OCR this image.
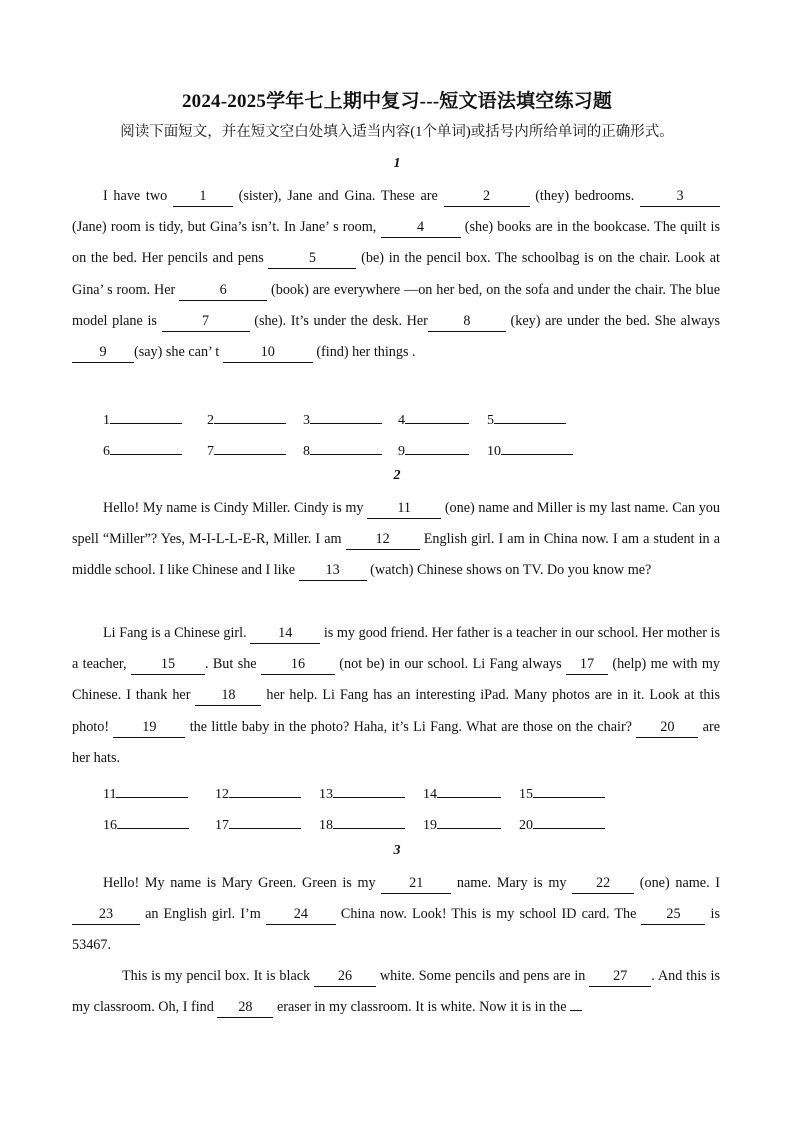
2024-2025学年七上期中复习---短文语法填空练习题
阅读下面短文，并在短文空白处填入适当内容(1个单词)或括号内所给单词的正确形式。
1

I have two 1 (sister), Jane and Gina. These are	2	(they) bedrooms.	3 (Jane) room is tidy, but Gina’s isn’t. In Jane’ s room,	4	(she) books are in the bookcase. The quilt is on the bed. Her pencils and pens	5	(be) in the pencil box. The schoolbag is on the chair. Look at Gina’ s room. Her	6	(book) are everywhere —on her bed, on the sofa and under the chair. The blue model plane is	7	(she). It’s under the desk. Her 8 (key) are under the bed. She always 9 (say) she can’ t	10	(find) her things .

1	2	3	4	5
6	7	8	9	10
2

Hello! My name is Cindy Miller. Cindy is my 11 (one) name and Miller is my last name. Can you spell “Miller”? Yes, M-I-L-L-E-R, Miller. I am 12 English girl. I am in China now. I am a student in a middle school. I like Chinese and I like 13 (watch) Chinese shows on TV. Do you know me?

Li Fang is a Chinese girl. 14 is my good friend. Her father is a teacher in our school. Her mother is a teacher, 15 . But she 16 (not be) in our school. Li Fang always 17 (help) me with my Chinese. I thank her 18 her help. Li Fang has an interesting iPad. Many photos are in it. Look at this photo! 19 the little baby in the photo? Haha, it’s Li Fang. What are those on the chair? 20 are her hats.

11	12	13	14	15
16	17	18	19	20
3

Hello! My name is Mary Green. Green is my 21 name. Mary is my 22 (one) name. I 23 an English girl. I’m 24 China now. Look! This is my school ID card. The 25 is 53467.

This is my pencil box. It is black 26 white. Some pencils and pens are in 27 . And this is my classroom. Oh, I find 28 eraser in my classroom. It is white. Now it is in the
